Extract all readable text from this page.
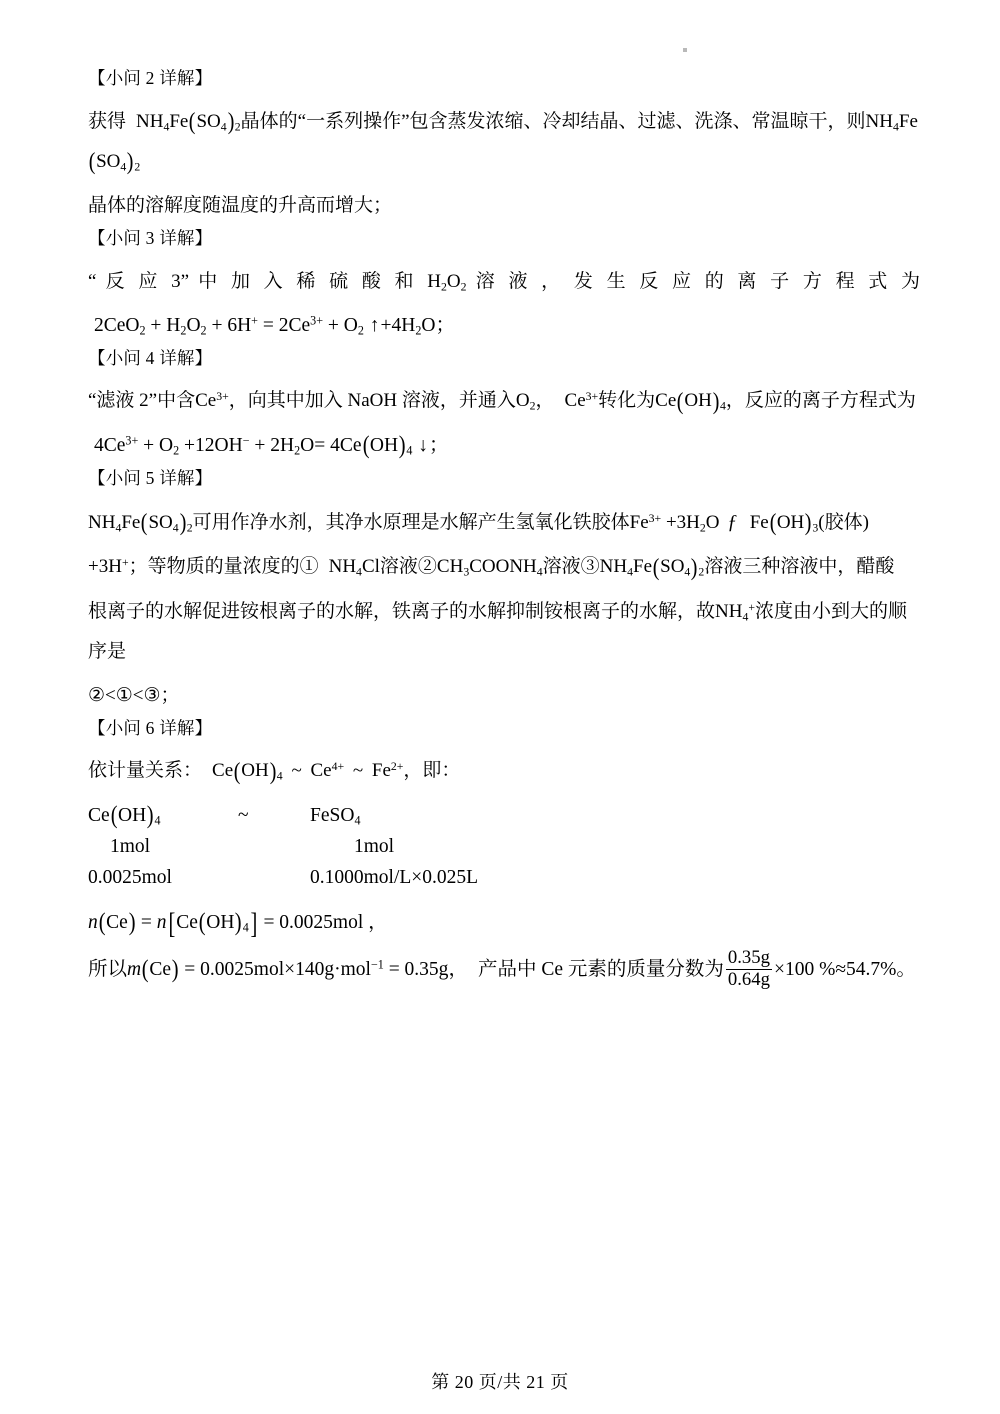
【小问 2 详解】
获得 $NH_4Fe(SO_4)_2$晶体的“一系列操作”包含蒸发浓缩、冷却结晶、过滤、洗涤、常温晾干，则$NH_4Fe(SO_4)_2$
晶体的溶解度随温度的升高而增大；
【小问 3 详解】
“ 反 应 3” 中 加 入 稀 硫 酸 和 $H_2O_2$ 溶 液 ， 发 生 反 应 的 离 子 方 程 式 为
$2CeO_2 + H_2O_2 + 6H^+ = 2Ce^{3+} + O_2$ $↑+4H_2O$；
【小问 4 详解】
“滤液 2”中含$Ce^{3+}$，向其中加入 NaOH 溶液，并通入$O_2$， $Ce^{3+}$转化为$Ce(OH)_4$，反应的离子方程式为
$4Ce^{3+} + O_2 +12OH^- + 2H_2O= 4Ce(OH)_4$ ↓；
【小问 5 详解】
$NH_4Fe(SO_4)_2$可用作净水剂，其净水原理是水解产生氢氧化铁胶体$Fe^{3+} +3H_2O$ ƒ  $Fe(OH)_3$(胶体)
+3H+；等物质的量浓度的① $NH_4Cl$溶液$②CH_3COONH_4$溶液$③NH_4Fe(SO_4)_2$溶液三种溶液中，醋酸
根离子的水解促进铵根离子的水解，铁离子的水解抑制铵根离子的水解，故$NH_4^+$浓度由小到大的顺序是
②<①<③；
【小问 6 详解】
依计量关系： $Ce(OH)_4$ ~ $Ce^{4+}$ ~ $Fe^{2+}$，即：
$Ce(OH)_4$	~	FeSO$_4$
1mol	1mol
0.0025mol	0.1000mol/L×0.025L
$n(Ce) = n[Ce(OH)_4] = 0.0025mol$ ，
所以m(Ce) = 0.0025mol×140g·mol$^{-1}$ = 0.35g， 产品中 Ce 元素的质量分数为 $\frac{0.35g}{0.64g} \times 100$ %≈54.7%。
第 20 页/共 21 页
